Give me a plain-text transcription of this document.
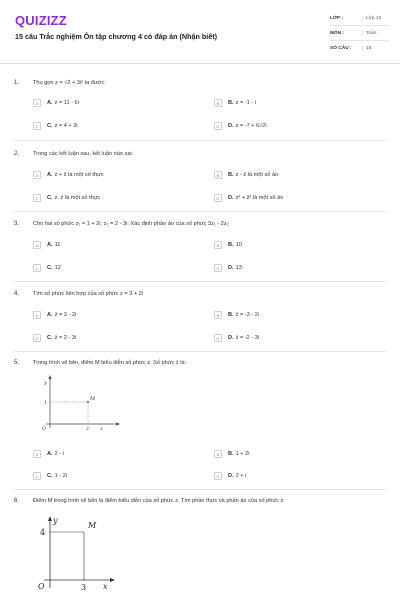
QUIZIZZ
15 câu Trắc nghiệm Ôn tập chương 4 có đáp án (Nhận biết)
LỚP :	Lớp 12
MÔN :	Toán
SỐ CÂU :	15
1. Thu gọn z = √2 + 3i² ta được:
A	A. z = 11 - 6i	B	B. z = -1 - i
C	C. z = 4 + 3i	D	D. z = -7 + 6√2i
2. Trong các kết luận sau, kết luận nào sai:
A	A. z + z̄ là một số thực	B	B. z - z̄ là một số ảo
C	C. z. z̄ là một số thực	D	D. z² + z̄² là một số ảo
3. Cho hai số phức z₁ = 1 + 2i; z₂ = 2 - 3i. Xác định phần ảo của số phức 3z₁ - 2z₂
A	A. 11	B	B. 10
C	C. 12	D	D. 13
4. Tìm số phức liên hợp của số phức z = 3 + 2i
A	A. z̄ = 3 - 2i	B	B. z̄ = -3 - 2i
C	C. z̄ = 2 - 3i	D	D. z̄ = -2 - 3i
5. Trong hình vẽ bên, điểm M biểu diễn số phức z. Số phức z̄ là:
y
x
O
M
2
1
A	A. 2 - i	B	B. 1 + 2i
C	C. 1 - 2i	D	D. 2 + i
6. Điểm M trong hình vẽ bên là điểm biểu diễn của số phức z. Tìm phần thực và phần ảo của số phức z
y
x
O
M
3
4
